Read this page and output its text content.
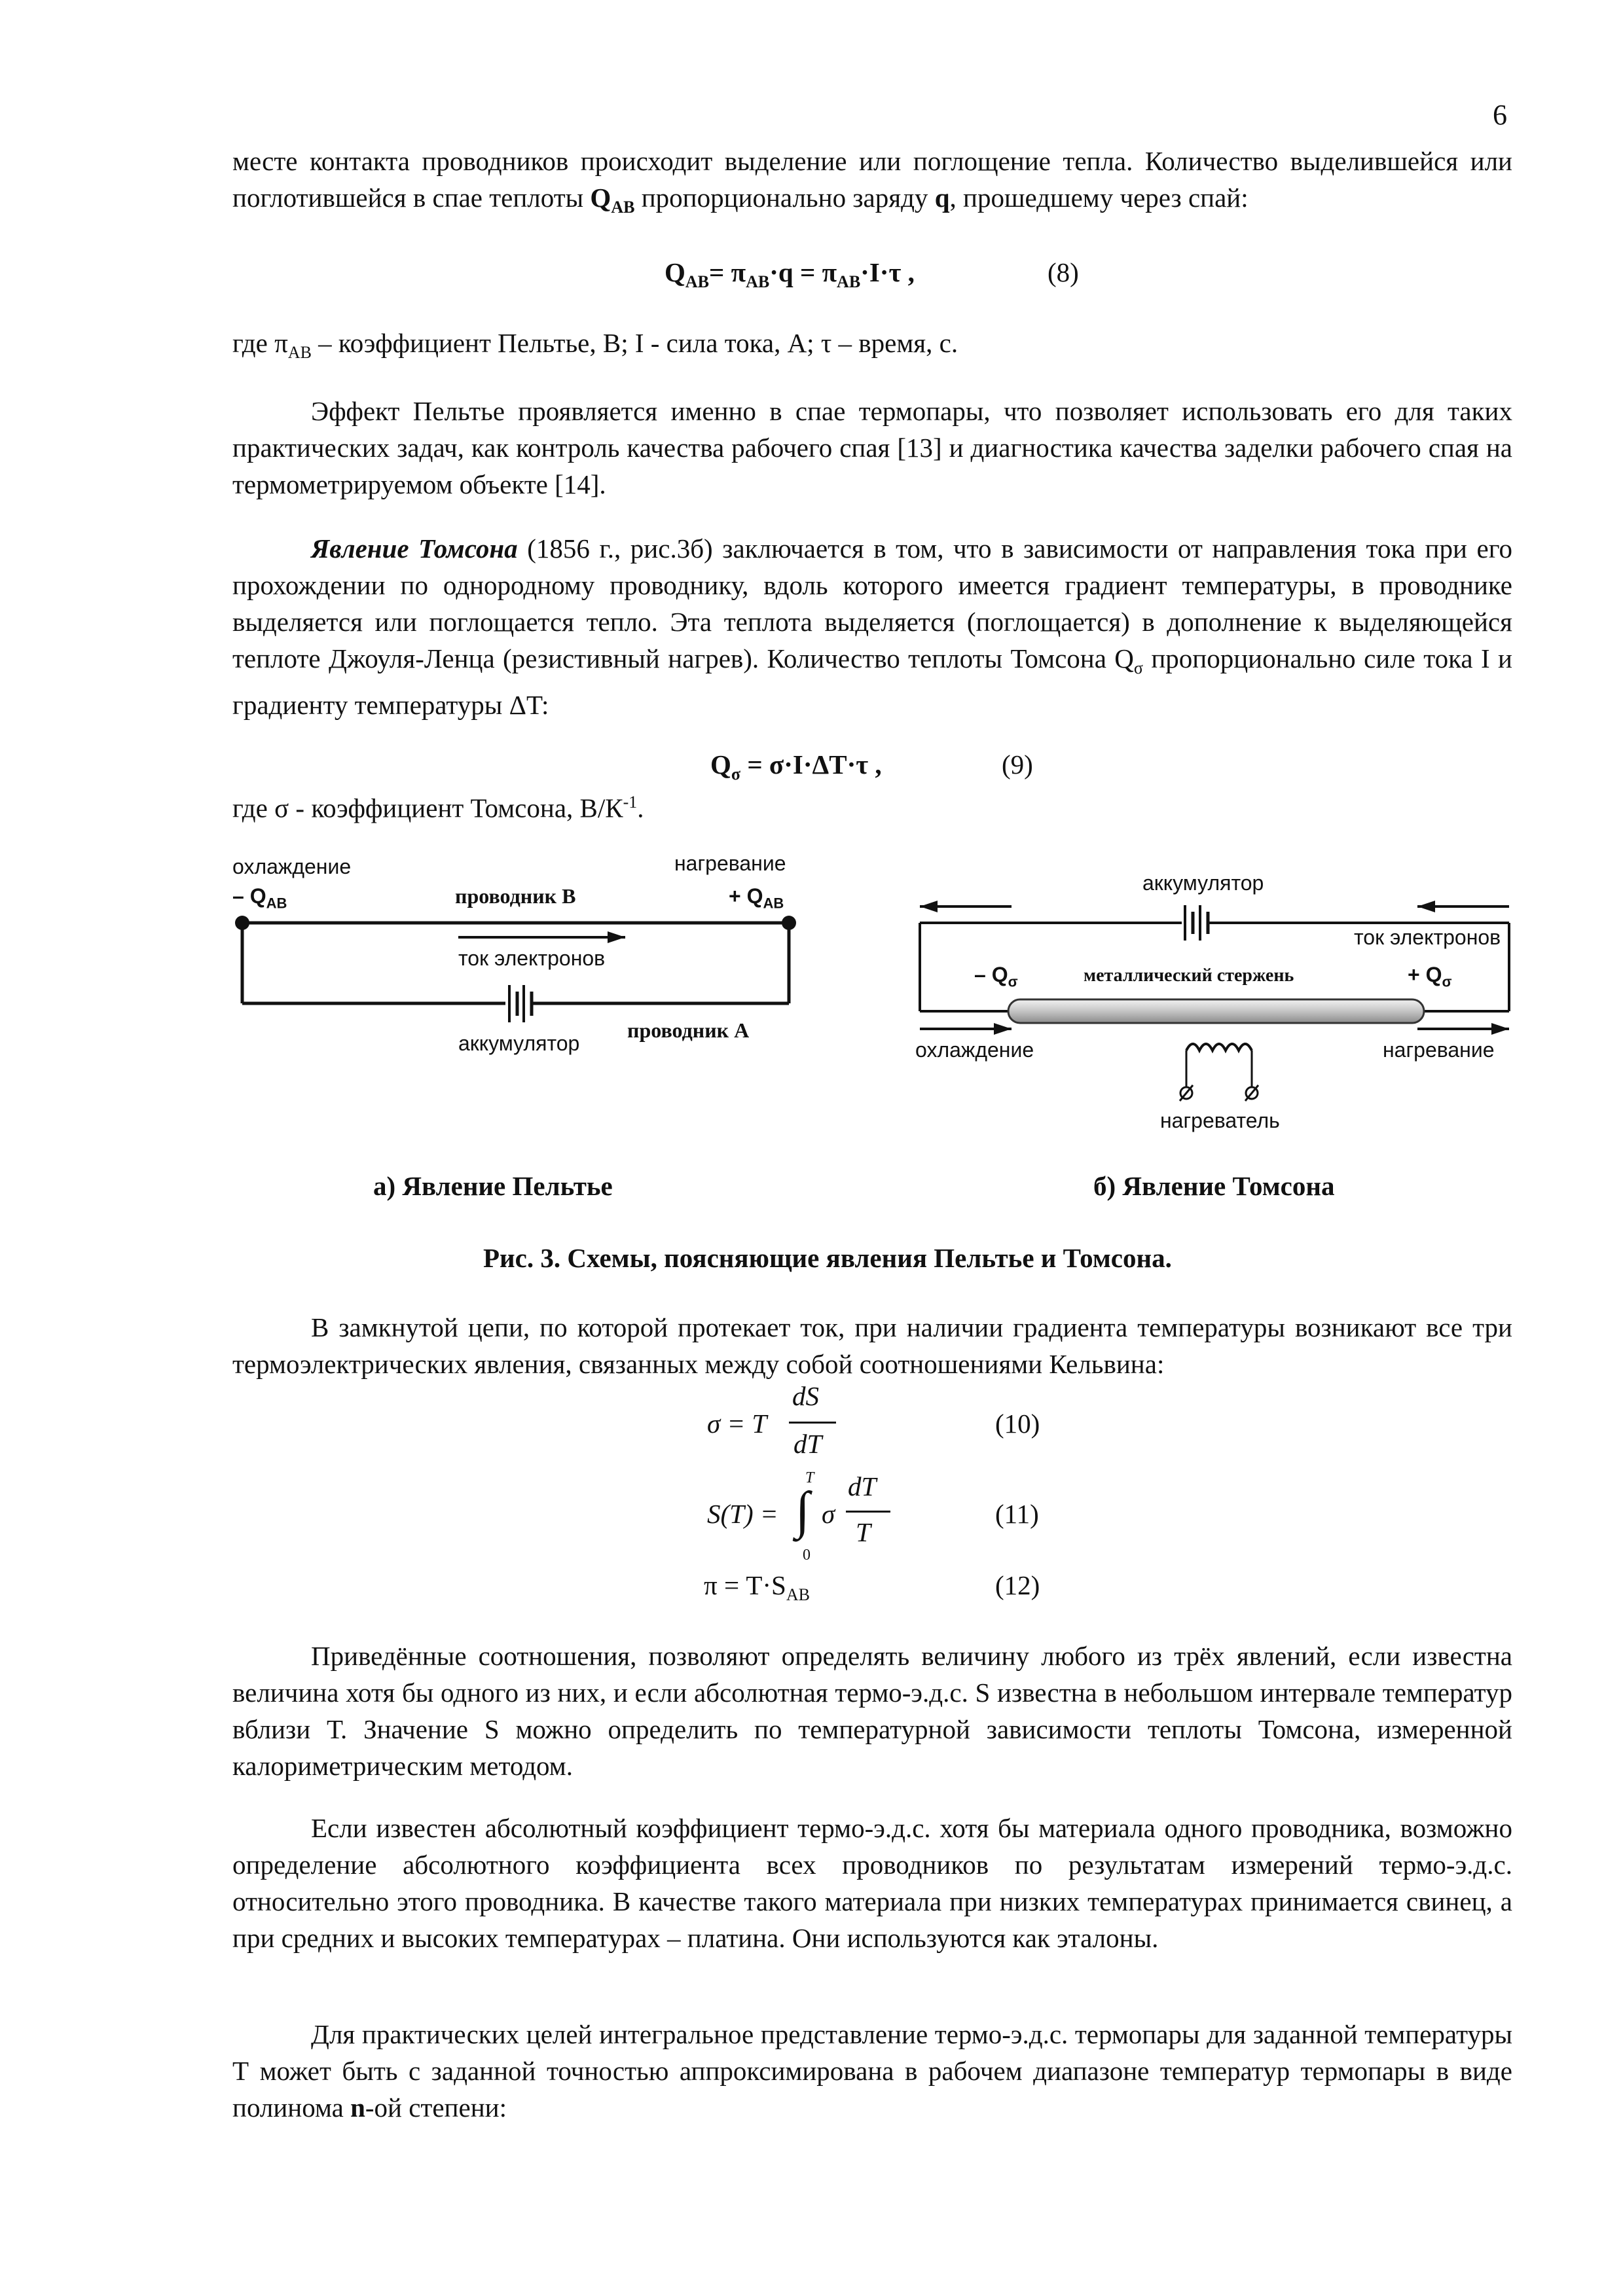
6

месте контакта проводников происходит выделение или поглощение тепла. Количество выделившейся или поглотившейся в спае теплоты $Q_{AB}$ пропорционально заряду q, прошедшему через спай:

$Q_{AB}= \pi_{AB}\cdot q = \pi_{AB}\cdot I\cdot\tau$ ,	(8)
где $\pi_{AB}$ – коэффициент Пельтье, В; I - сила тока, А; τ – время, с.

Эффект Пельтье проявляется именно в спае термопары, что позволяет использовать его для таких практических задач, как контроль качества рабочего спая [13] и диагностика качества заделки рабочего спая на термометрируемом объекте [14].

Явление Томсона (1856 г., рис.3б) заключается в том, что в зависимости от направления тока при его прохождении по однородному проводнику, вдоль которого имеется градиент температуры, в проводнике выделяется или поглощается тепло. Эта теплота выделяется (поглощается) в дополнение к выделяющейся теплоте Джоуля-Ленца (резистивный нагрев). Количество теплоты Томсона $Q_\sigma$ пропорционально силе тока I и градиенту температуры ΔT:

$Q_\sigma = \sigma\cdot I\cdot\Delta T\cdot\tau$ ,	(9)
где σ - коэффициент Томсона, $В/К^{-1}$.
охлаждение	нагревание
– $Q_{AB}$	+ $Q_{AB}$
проводник В
ток электронов
аккумулятор
проводник А
аккумулятор
ток электронов
– $Q_\sigma$	металлический стержень	+ $Q_\sigma$
охлаждение	нагревание
нагреватель
а) Явление Пельтье	б) Явление Томсона
Рис. 3. Схемы, поясняющие явления Пельтье и Томсона.

В замкнутой цепи, по которой протекает ток, при наличии градиента температуры возникают все три термоэлектрических явления, связанных между собой соотношениями Кельвина:

σ = T
dS
dT
(10)
S(T) =
T
∫
0
σ
dT
T
(11)
$\pi = T\cdot S_{AB}$	(12)

Приведённые соотношения, позволяют определять величину любого из трёх явлений, если известна величина хотя бы одного из них, и если абсолютная термо-э.д.с. S известна в небольшом интервале температур вблизи Т. Значение S можно определить по температурной зависимости теплоты Томсона, измеренной калориметрическим методом.

Если известен абсолютный коэффициент термо-э.д.с. хотя бы материала одного проводника, возможно определение абсолютного коэффициента всех проводников по результатам измерений термо-э.д.с. относительно этого проводника. В качестве такого материала при низких температурах принимается свинец, а при средних и высоких температурах – платина. Они используются как эталоны.

Для практических целей интегральное представление термо-э.д.с. термопары для заданной температуры Т может быть с заданной точностью аппроксимирована в рабочем диапазоне температур термопары в виде полинома n-ой степени:
